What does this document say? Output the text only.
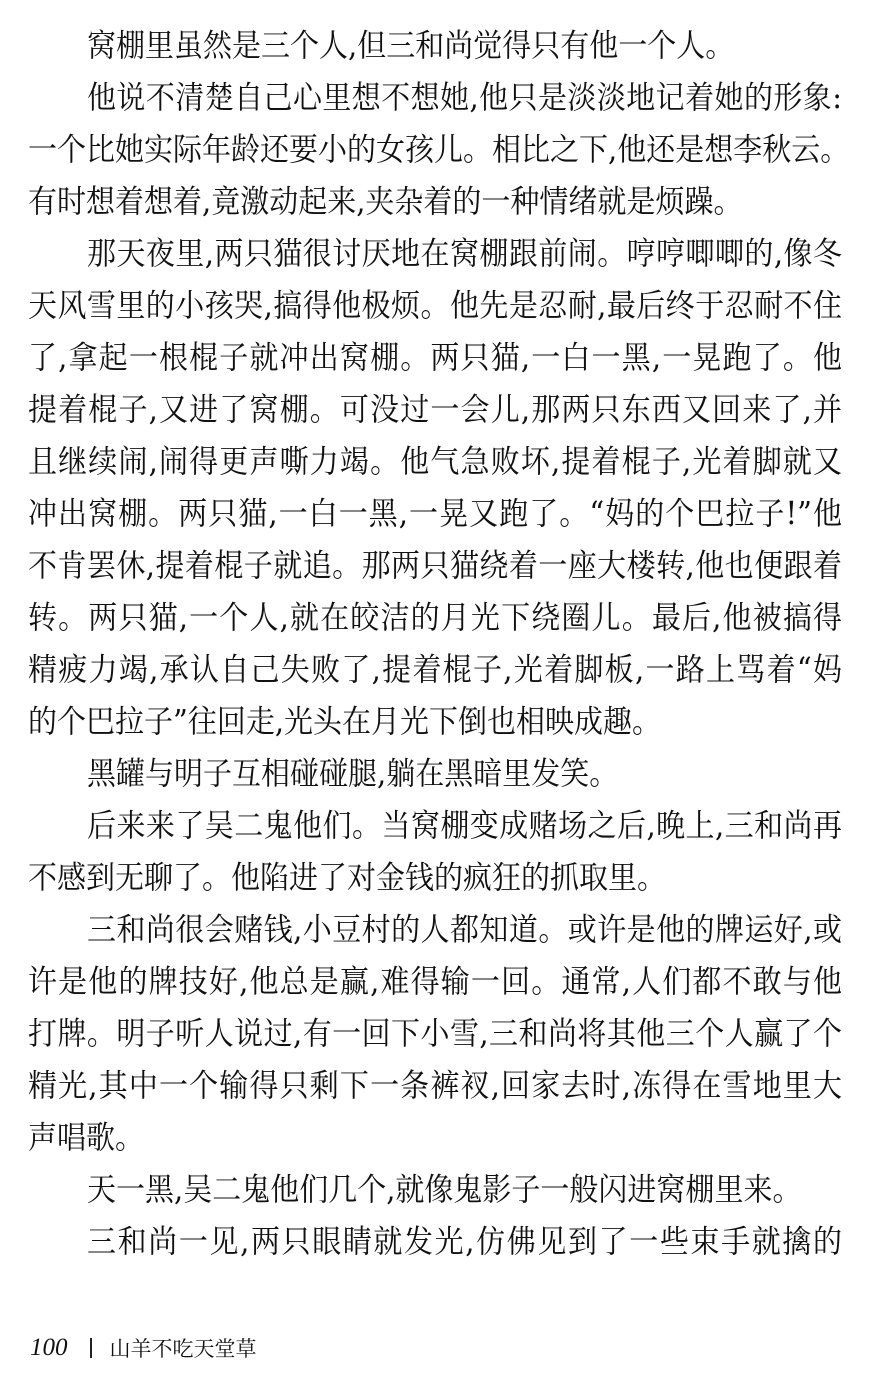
窝棚里虽然是三个人,但三和尚觉得只有他一个人。
他说不清楚自己心里想不想她,他只是淡淡地记着她的形象:
一个比她实际年龄还要小的女孩儿。相比之下,他还是想李秋云。
有时想着想着,竟激动起来,夹杂着的一种情绪就是烦躁。
那天夜里,两只猫很讨厌地在窝棚跟前闹。哼哼唧唧的,像冬
天风雪里的小孩哭,搞得他极烦。他先是忍耐,最后终于忍耐不住
了,拿起一根棍子就冲出窝棚。两只猫,一白一黑,一晃跑了。他
提着棍子,又进了窝棚。可没过一会儿,那两只东西又回来了,并
且继续闹,闹得更声嘶力竭。他气急败坏,提着棍子,光着脚就又
冲出窝棚。两只猫,一白一黑,一晃又跑了。“妈的个巴拉子!”他
不肯罢休,提着棍子就追。那两只猫绕着一座大楼转,他也便跟着
转。两只猫,一个人,就在皎洁的月光下绕圈儿。最后,他被搞得
精疲力竭,承认自己失败了,提着棍子,光着脚板,一路上骂着“妈
的个巴拉子”往回走,光头在月光下倒也相映成趣。
黑罐与明子互相碰碰腿,躺在黑暗里发笑。
后来来了吴二鬼他们。当窝棚变成赌场之后,晚上,三和尚再
不感到无聊了。他陷进了对金钱的疯狂的抓取里。
三和尚很会赌钱,小豆村的人都知道。或许是他的牌运好,或
许是他的牌技好,他总是赢,难得输一回。通常,人们都不敢与他
打牌。明子听人说过,有一回下小雪,三和尚将其他三个人赢了个
精光,其中一个输得只剩下一条裤衩,回家去时,冻得在雪地里大
声唱歌。
天一黑,吴二鬼他们几个,就像鬼影子一般闪进窝棚里来。
三和尚一见,两只眼睛就发光,仿佛见到了一些束手就擒的
100 山羊不吃天堂草
